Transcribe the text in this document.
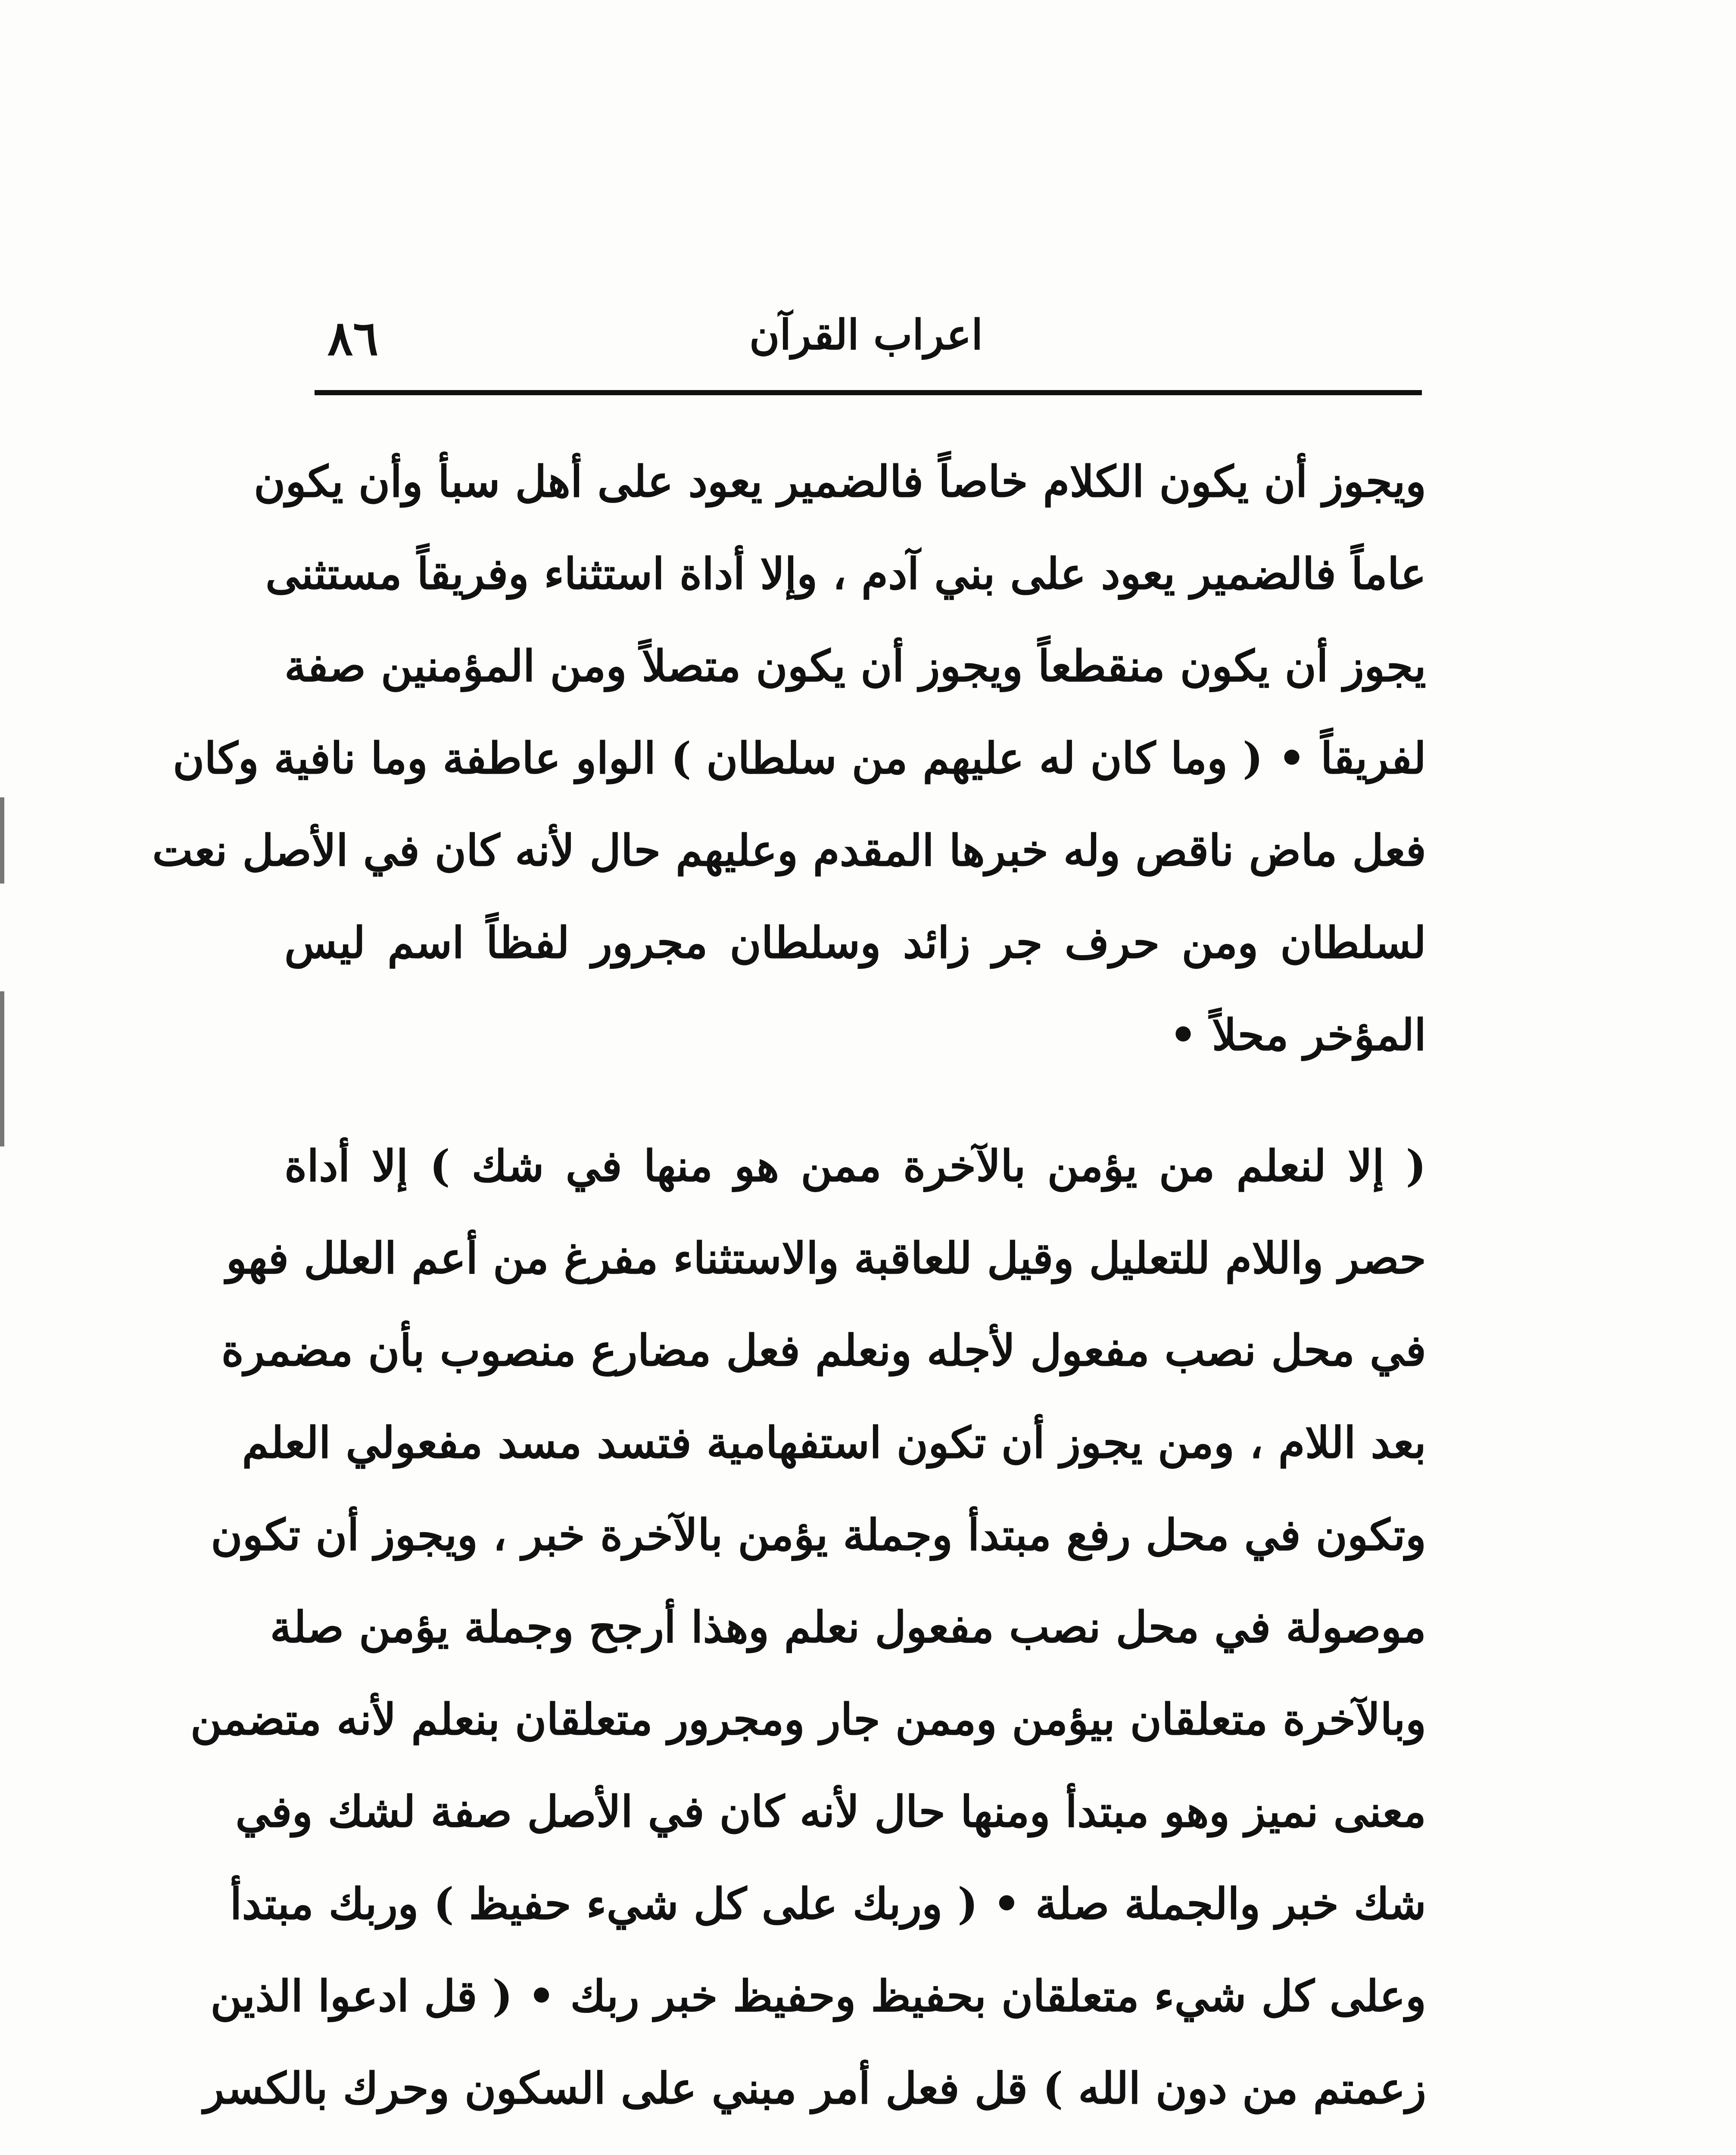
٨٦	اعراب القرآن
ويجوز أن يكون الكلام خاصاً فالضمير يعود على أهل سبأ وأن يكون
عاماً فالضمير يعود على بني آدم ، وإلا أداة استثناء وفريقاً مستثنى
يجوز أن يكون منقطعاً ويجوز أن يكون متصلاً ومن المؤمنين صفة
لفريقاً • ( وما كان له عليهم من سلطان ) الواو عاطفة وما نافية وكان
فعل ماض ناقص وله خبرها المقدم وعليهم حال لأنه كان في الأصل نعت
لسلطان ومن حرف جر زائد وسلطان مجرور لفظاً اسم ليس
المؤخر محلاً •
( إلا لنعلم من يؤمن بالآخرة ممن هو منها في شك ) إلا أداة
حصر واللام للتعليل وقيل للعاقبة والاستثناء مفرغ من أعم العلل فهو
في محل نصب مفعول لأجله ونعلم فعل مضارع منصوب بأن مضمرة
بعد اللام ، ومن يجوز أن تكون استفهامية فتسد مسد مفعولي العلم
وتكون في محل رفع مبتدأ وجملة يؤمن بالآخرة خبر ، ويجوز أن تكون
موصولة في محل نصب مفعول نعلم وهذا أرجح وجملة يؤمن صلة
وبالآخرة متعلقان بيؤمن وممن جار ومجرور متعلقان بنعلم لأنه متضمن
معنى نميز وهو مبتدأ ومنها حال لأنه كان في الأصل صفة لشك وفي
شك خبر والجملة صلة • ( وربك على كل شيء حفيظ ) وربك مبتدأ
وعلى كل شيء متعلقان بحفيظ وحفيظ خبر ربك • ( قل ادعوا الذين
زعمتم من دون الله ) قل فعل أمر مبني على السكون وحرك بالكسر
